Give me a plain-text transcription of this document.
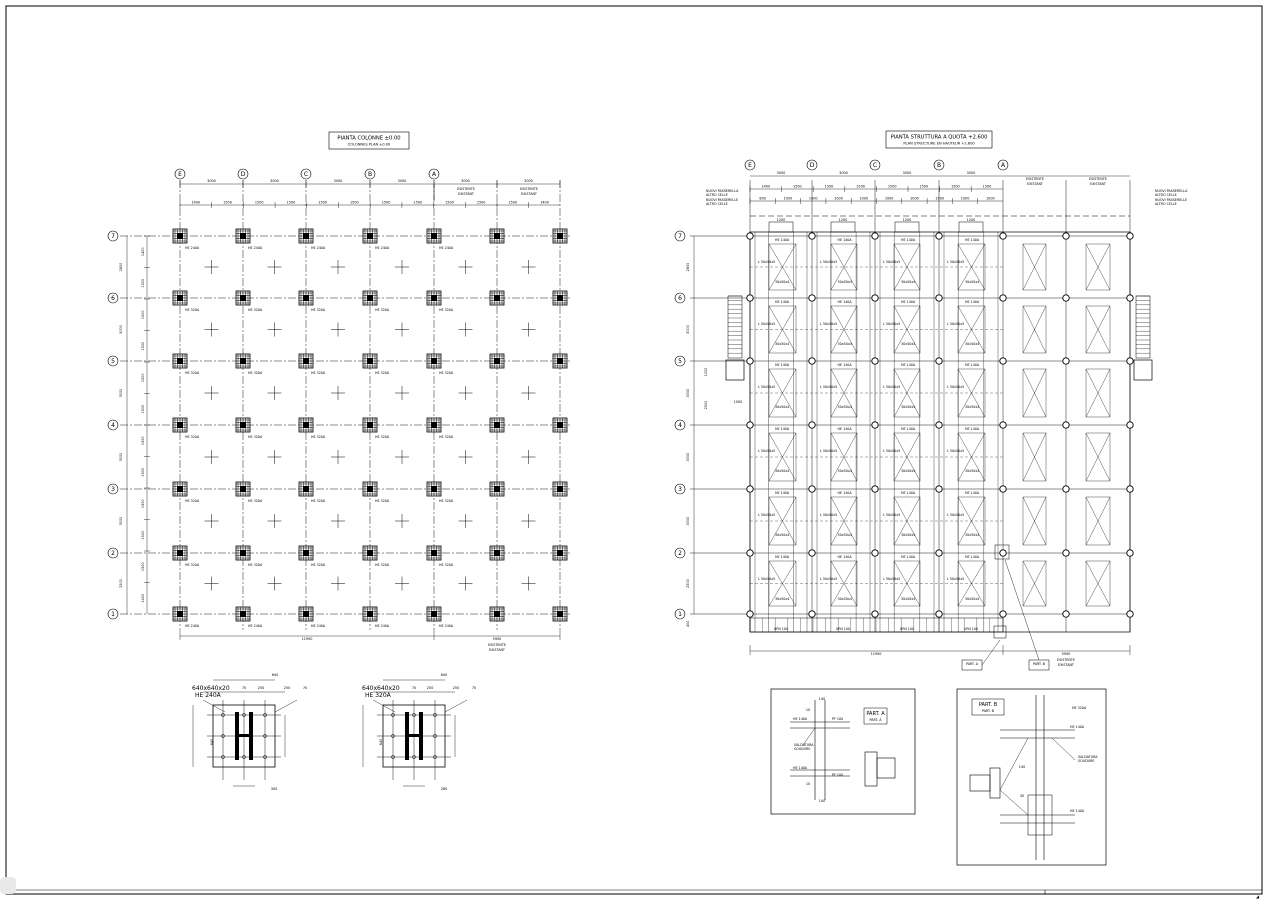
PIANTA COLONNE ±0.00
COLONNES PLAN ±0.00
PIANTA STRUTTURA A QUOTA +2.600
PLAN STRUCTURE EN HAUTEUR +2.600
3000	3000	3000	3000	3000	3000
1400	1500	1500	1500	1500	1500	1500	1500	1500	1500	1500	1400
E	D	C	B	A
7
6
5
4
3
2
1
2800
3000
3000
3000
3000
2500
1400
1500
1500
1500
1500
1500
1500
1500
1500
1500
1500
1400
HE 240A	HE 240A	HE 240A	HE 240A	HE 240A
HE 320A	HE 320A	HE 320A	HE 320A	HE 320A
HE 320A	HE 320A	HE 320A	HE 320A	HE 320A
HE 320A	HE 320A	HE 320A	HE 320A	HE 320A
HE 320A	HE 320A	HE 320A	HE 320A	HE 320A
HE 320A	HE 320A	HE 320A	HE 320A	HE 320A
HE 240A	HE 240A	HE 240A	HE 240A	HE 240A
3000	3000	3000	3000
1400	1500	1500	1500	1500	1500	1500	1500
800	1000	1000	1000	1000	1000	1000	1000	1000	1000
1200	1200	1200	1200
E	D	C	B	A
7
6
5
4
3
2
1
2800
3000
3000
3000
3000
2500
1200
2500	1000
400
HE 140A
L 50x50x5
30x50x4
HE 140A
L 50x50x5
30x50x4
HE 140A
L 50x50x5
30x50x4
HE 140A
L 50x50x5
30x50x4
HE 140A
L 50x50x5
30x50x4
HE 140A
L 50x50x5
30x50x4
HE 140A
L 50x50x5
30x50x4
HE 140A
L 50x50x5
30x50x4
HE 140A
L 50x50x5
30x50x4
HE 140A
L 50x50x5
30x50x4
HE 140A
L 50x50x5
30x50x4
HE 140A
L 50x50x5
30x50x4
HE 140A
L 50x50x5
30x50x4
HE 140A
L 50x50x5
30x50x4
HE 140A
L 50x50x5
30x50x4
HE 140A
L 50x50x5
30x50x4
HE 140A
L 50x50x5
30x50x4
HE 140A
L 50x50x5
30x50x4
HE 140A
L 50x50x5
30x50x4
HE 140A
L 50x50x5
30x50x4
HE 140A
L 50x50x5
30x50x4
HE 140A
L 50x50x5
30x50x4
HE 140A
L 50x50x5
30x50x4
HE 140A
L 50x50x5
30x50x4
UPN 100	UPN 100	UPN 100	UPN 100
11900	5900
ESISTENTE
EXISTANT
ESISTENTE
EXISTANT
ESISTENTE
EXISTANT
11900	5900
ESISTENTE
EXISTANT
ESISTENTE
EXISTANT
ESISTENTE
EXISTANT
PART. A	PART. B
NUOVI PASSERELLA
ALTRO CELLE
NUOVI PASSERELLE
ALTRO CELLE
NUOVI PASSERELLA
ALTRO CELLE
NUOVI PASSERELLE
ALTRO CELLE
640x640x20
HE 240A
640
70	250	250	70
640
300
640x640x20
HE 320A
640
70	250	250	70
640
280
PART. A
PART. A
140
10
10
140
HE 140A	PF 100
HE 140A
PF 100
SALDATURA
SOUDURE
PART. B
PART. B
140
30
HE 320A
HE 140A
HE 140A
SALDATURA
SOUDURE
◢
